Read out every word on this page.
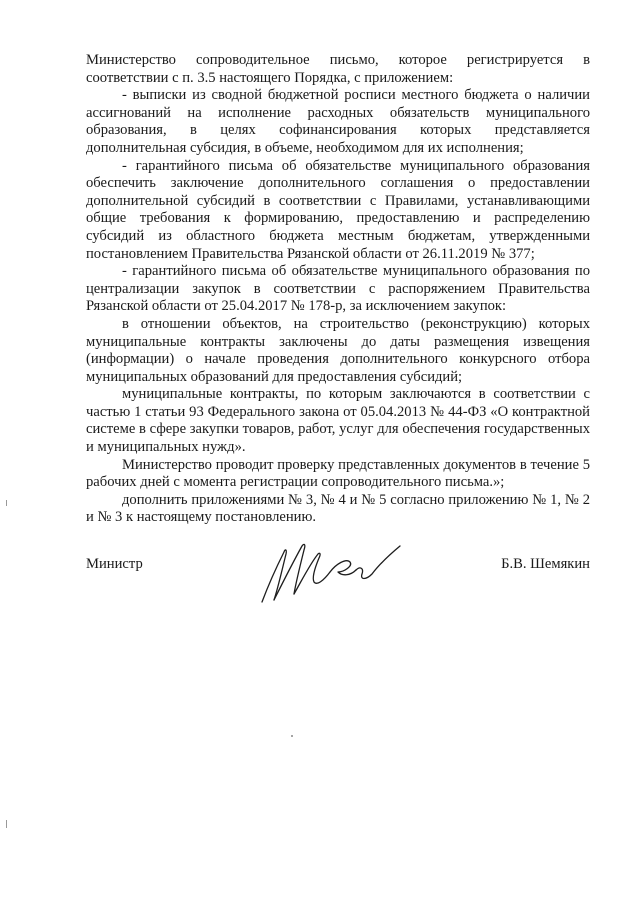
Министерство сопроводительное письмо, которое регистрируется в соответствии с п. 3.5 настоящего Порядка, с приложением:

- выписки из сводной бюджетной росписи местного бюджета о наличии ассигнований на исполнение расходных обязательств муниципального образования, в целях софинансирования которых представляется дополнительная субсидия, в объеме, необходимом для их исполнения;

- гарантийного письма об обязательстве муниципального образования обеспечить заключение дополнительного соглашения о предоставлении дополнительной субсидий в соответствии с Правилами, устанавливающими общие требования к формированию, предоставлению и распределению субсидий из областного бюджета местным бюджетам, утвержденными постановлением Правительства Рязанской области от 26.11.2019 № 377;

- гарантийного письма об обязательстве муниципального образования по централизации закупок в соответствии с распоряжением Правительства Рязанской области от 25.04.2017 № 178-р, за исключением закупок:

в отношении объектов, на строительство (реконструкцию) которых муниципальные контракты заключены до даты размещения извещения (информации) о начале проведения дополнительного конкурсного отбора муниципальных образований для предоставления субсидий;

муниципальные контракты, по которым заключаются в соответствии с частью 1 статьи 93 Федерального закона от 05.04.2013 № 44-ФЗ «О контрактной системе в сфере закупки товаров, работ, услуг для обеспечения государственных и муниципальных нужд».

Министерство проводит проверку представленных документов в течение 5 рабочих дней с момента регистрации сопроводительного письма.»;

дополнить приложениями № 3, № 4 и № 5 согласно приложению № 1, № 2 и № 3 к настоящему постановлению.

Министр	Б.В. Шемякин
